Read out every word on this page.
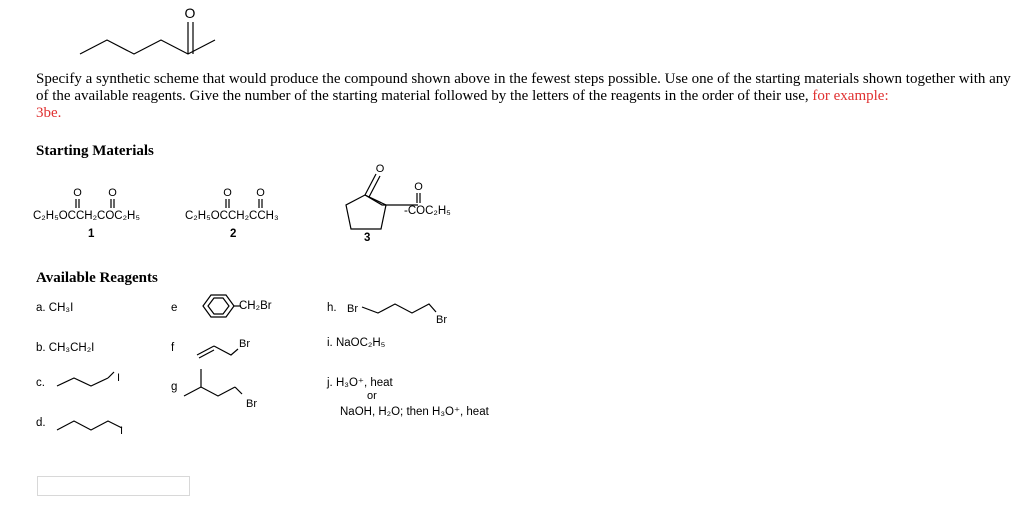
O
Specify a synthetic scheme that would produce the compound shown above in the fewest steps possible. Use one of the starting materials shown together with any of the available reagents. Give the number of the starting material followed by the letters of the reagents in the order of their use, for example:
3be.
Starting Materials
O O
C₂H₅OCCH₂COC₂H₅
1
O O
C₂H₅OCCH₂CCH₃
2
O
O
-COC₂H₅
3
Available Reagents
a. CH₃I
b. CH₃CH₂I
c.	I
d.
I
e	CH₂Br
f	Br
g
Br
h. Br
Br
i. NaOC₂H₅
j. H₃O⁺, heat
or
NaOH, H₂O; then H₃O⁺, heat
